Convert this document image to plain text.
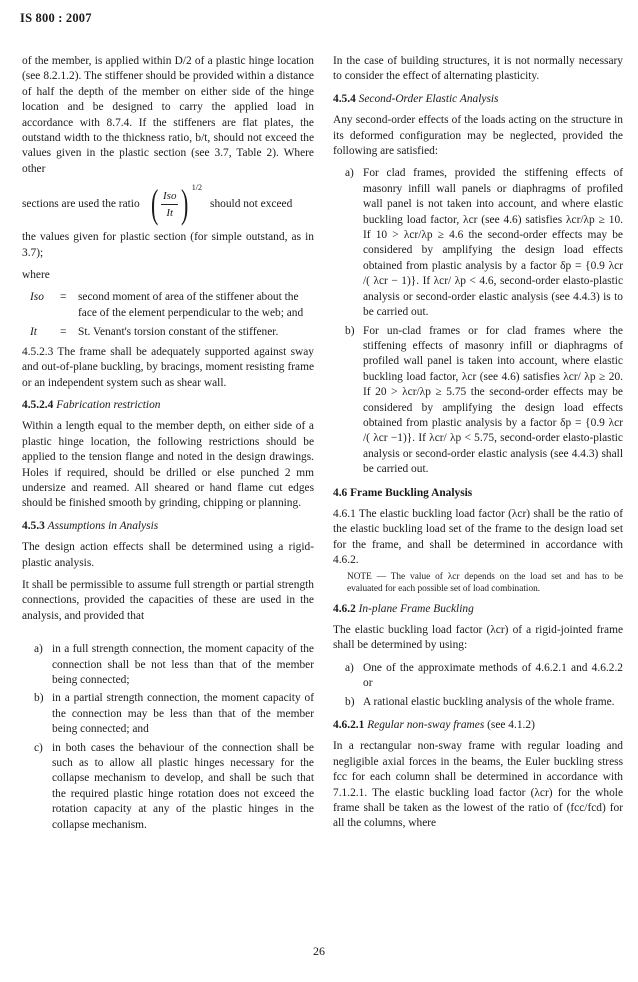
IS 800 : 2007

of the member, is applied within D/2 of a plastic hinge location (see 8.2.1.2). The stiffener should be provided within a distance of half the depth of the member on either side of the hinge location and be designed to carry the applied load in accordance with 8.7.4. If the stiffeners are flat plates, the outstand width to the thickness ratio, b/t, should not exceed the values given in the plastic section (see 3.7, Table 2). Where other

sections are used the ratio ( Iso
It ) $^{1/2}$
should not exceed

the values given for plastic section (for simple outstand, as in 3.7);

where

Iso	=	second moment of area of the stiffener about the face of the element perpendicular to the web; and
It	=	St. Venant's torsion constant of the stiffener.

4.5.2.3 The frame shall be adequately supported against sway and out-of-plane buckling, by bracings, moment resisting frame or an independent system such as shear wall.

4.5.2.4 Fabrication restriction

Within a length equal to the member depth, on either side of a plastic hinge location, the following restrictions should be applied to the tension flange and noted in the design drawings. Holes if required, should be drilled or else punched 2 mm undersize and reamed. All sheared or hand flame cut edges should be finished smooth by grinding, chipping or planning.

4.5.3 Assumptions in Analysis

The design action effects shall be determined using a rigid-plastic analysis.

It shall be permissible to assume full strength or partial strength connections, provided the capacities of these are used in the analysis, and provided that

a) in a full strength connection, the moment capacity of the connection shall be not less than that of the member being connected;
b) in a partial strength connection, the moment capacity of the connection may be less than that of the member being connected; and
c) in both cases the behaviour of the connection shall be such as to allow all plastic hinges necessary for the collapse mechanism to develop, and shall be such that the required plastic hinge rotation does not exceed the rotation capacity at any of the plastic hinges in the collapse mechanism.

In the case of building structures, it is not normally necessary to consider the effect of alternating plasticity.

4.5.4 Second-Order Elastic Analysis

Any second-order effects of the loads acting on the structure in its deformed configuration may be neglected, provided the following are satisfied:

a) For clad frames, provided the stiffening effects of masonry infill wall panels or diaphragms of profiled wall panel is not taken into account, and where elastic buckling load factor, λcr (see 4.6) satisfies λcr/λp ≥ 10. If 10 > λcr/λp ≥ 4.6 the second-order effects may be considered by amplifying the design load effects obtained from plastic analysis by a factor δp = {0.9 λcr /( λcr − 1)}. If λcr/ λp < 4.6, second-order elasto-plastic analysis or second-order elastic analysis (see 4.4.3) is to be carried out.
b) For un-clad frames or for clad frames where the stiffening effects of masonry infill or diaphragms of profiled wall panel is taken into account, where elastic buckling load factor, λcr (see 4.6) satisfies λcr/ λp ≥ 20. If 20 > λcr/λp ≥ 5.75 the second-order effects may be considered by amplifying the design load effects obtained from plastic analysis by a factor δp = {0.9 λcr /( λcr −1)}. If λcr/ λp < 5.75, second-order elasto-plastic analysis or second-order elastic analysis (see 4.4.3) shall be carried out.
4.6 Frame Buckling Analysis

4.6.1 The elastic buckling load factor (λcr) shall be the ratio of the elastic buckling load set of the frame to the design load set for the frame, and shall be determined in accordance with 4.6.2.

NOTE — The value of λcr depends on the load set and has to be evaluated for each possible set of load combination.
4.6.2 In-plane Frame Buckling

The elastic buckling load factor (λcr) of a rigid-jointed frame shall be determined by using:

a) One of the approximate methods of 4.6.2.1 and 4.6.2.2 or
b) A rational elastic buckling analysis of the whole frame.
4.6.2.1 Regular non-sway frames (see 4.1.2)

In a rectangular non-sway frame with regular loading and negligible axial forces in the beams, the Euler buckling stress fcc for each column shall be determined in accordance with 7.1.2.1. The elastic buckling load factor (λcr) for the whole frame shall be taken as the lowest of the ratio of (fcc/fcd) for all the columns, where

26
